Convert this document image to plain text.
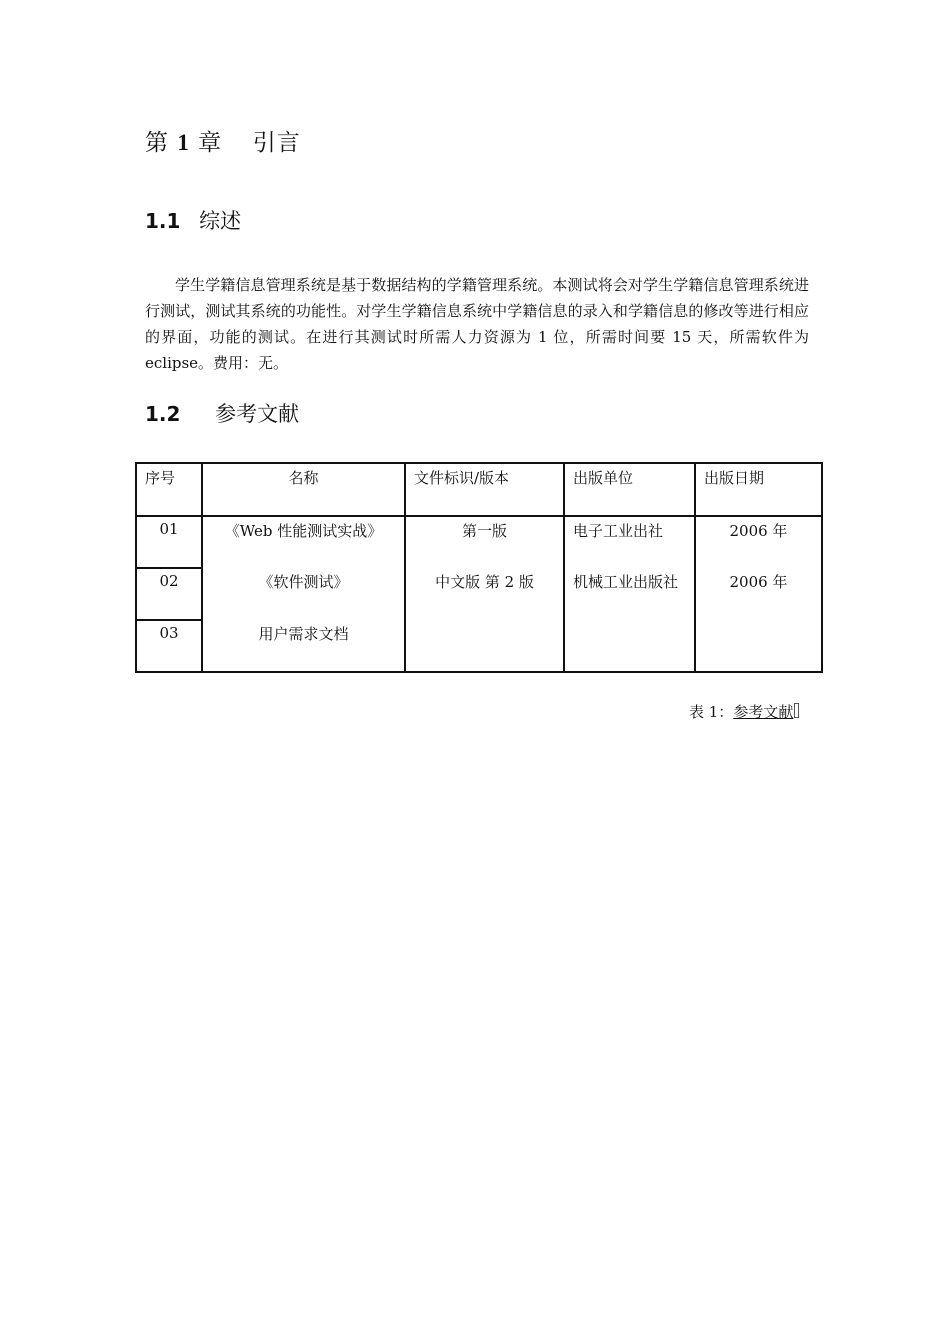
第 1 章 引言
1.1 综述

学生学籍信息管理系统是基于数据结构的学籍管理系统。本测试将会对学生学籍信息管理系统进行测试，测试其系统的功能性。对学生学籍信息系统中学籍信息的录入和学籍信息的修改等进行相应的界面，功能的测试。在进行其测试时所需人力资源为 1 位，所需时间要 15 天，所需软件为 eclipse。费用：无。

1.2 参考文献
序号	名称	文件标识/版本	出版单位	出版日期
01	《Web 性能测试实战》	第一版	电子工业出社	2006 年
02	《软件测试》	中文版 第 2 版	机械工业出版社	2006 年
03	用户需求文档			
表 1：参考文献
